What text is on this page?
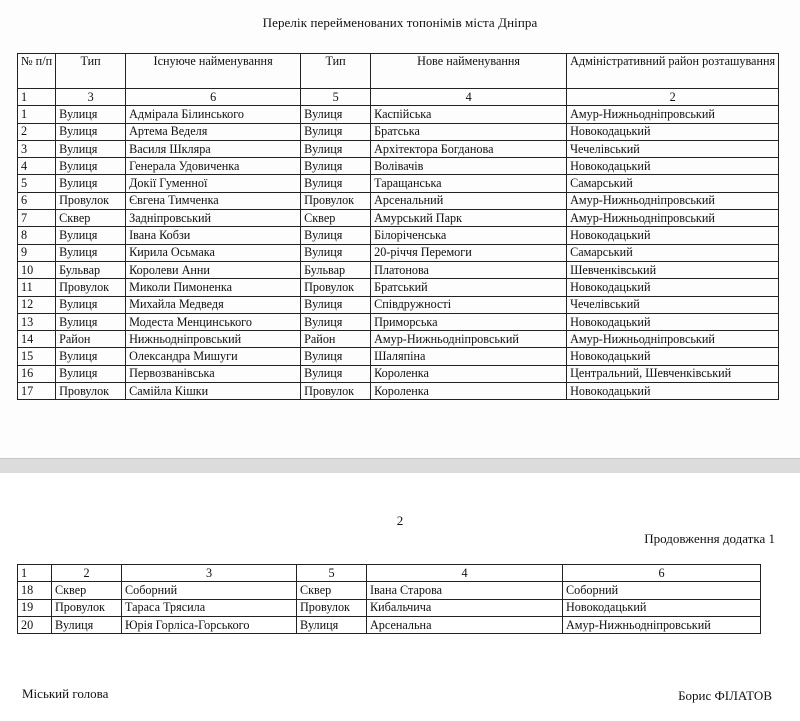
Перелік перейменованих топонімів міста Дніпра
№ п/п	Тип	Існуюче найменування	Тип	Нове найменування	Адміністративний район розташування
1	3	6	5	4	2
1	Вулиця	Адмірала Білинського	Вулиця	Каспійська	Амур-Нижньодніпровський
2	Вулиця	Артема Веделя	Вулиця	Братська	Новокодацький
3	Вулиця	Василя Шкляра	Вулиця	Архітектора Богданова	Чечелівський
4	Вулиця	Генерала Удовиченка	Вулиця	Волівачів	Новокодацький
5	Вулиця	Докії Гуменної	Вулиця	Таращанська	Самарський
6	Провулок	Євгена Тимченка	Провулок	Арсенальний	Амур-Нижньодніпровський
7	Сквер	Задніпровський	Сквер	Амурський Парк	Амур-Нижньодніпровський
8	Вулиця	Івана Кобзи	Вулиця	Білоріченська	Новокодацький
9	Вулиця	Кирила Осьмака	Вулиця	20-річчя Перемоги	Самарський
10	Бульвар	Королеви Анни	Бульвар	Платонова	Шевченківський
11	Провулок	Миколи Пимоненка	Провулок	Братський	Новокодацький
12	Вулиця	Михайла Медведя	Вулиця	Співдружності	Чечелівський
13	Вулиця	Модеста Менцинського	Вулиця	Приморська	Новокодацький
14	Район	Нижньодніпровський	Район	Амур-Нижньодніпровський	Амур-Нижньодніпровський
15	Вулиця	Олександра Мишуги	Вулиця	Шаляпіна	Новокодацький
16	Вулиця	Первозванівська	Вулиця	Короленка	Центральний, Шевченківський
17	Провулок	Самійла Кішки	Провулок	Короленка	Новокодацький
2
Продовження додатка 1
1	2	3	5	4	6
18	Сквер	Соборний	Сквер	Івана Старова	Соборний
19	Провулок	Тараса Трясила	Провулок	Кибальчича	Новокодацький
20	Вулиця	Юрія Горліса-Горського	Вулиця	Арсенальна	Амур-Нижньодніпровський
Міський голова	Борис ФІЛАТОВ
